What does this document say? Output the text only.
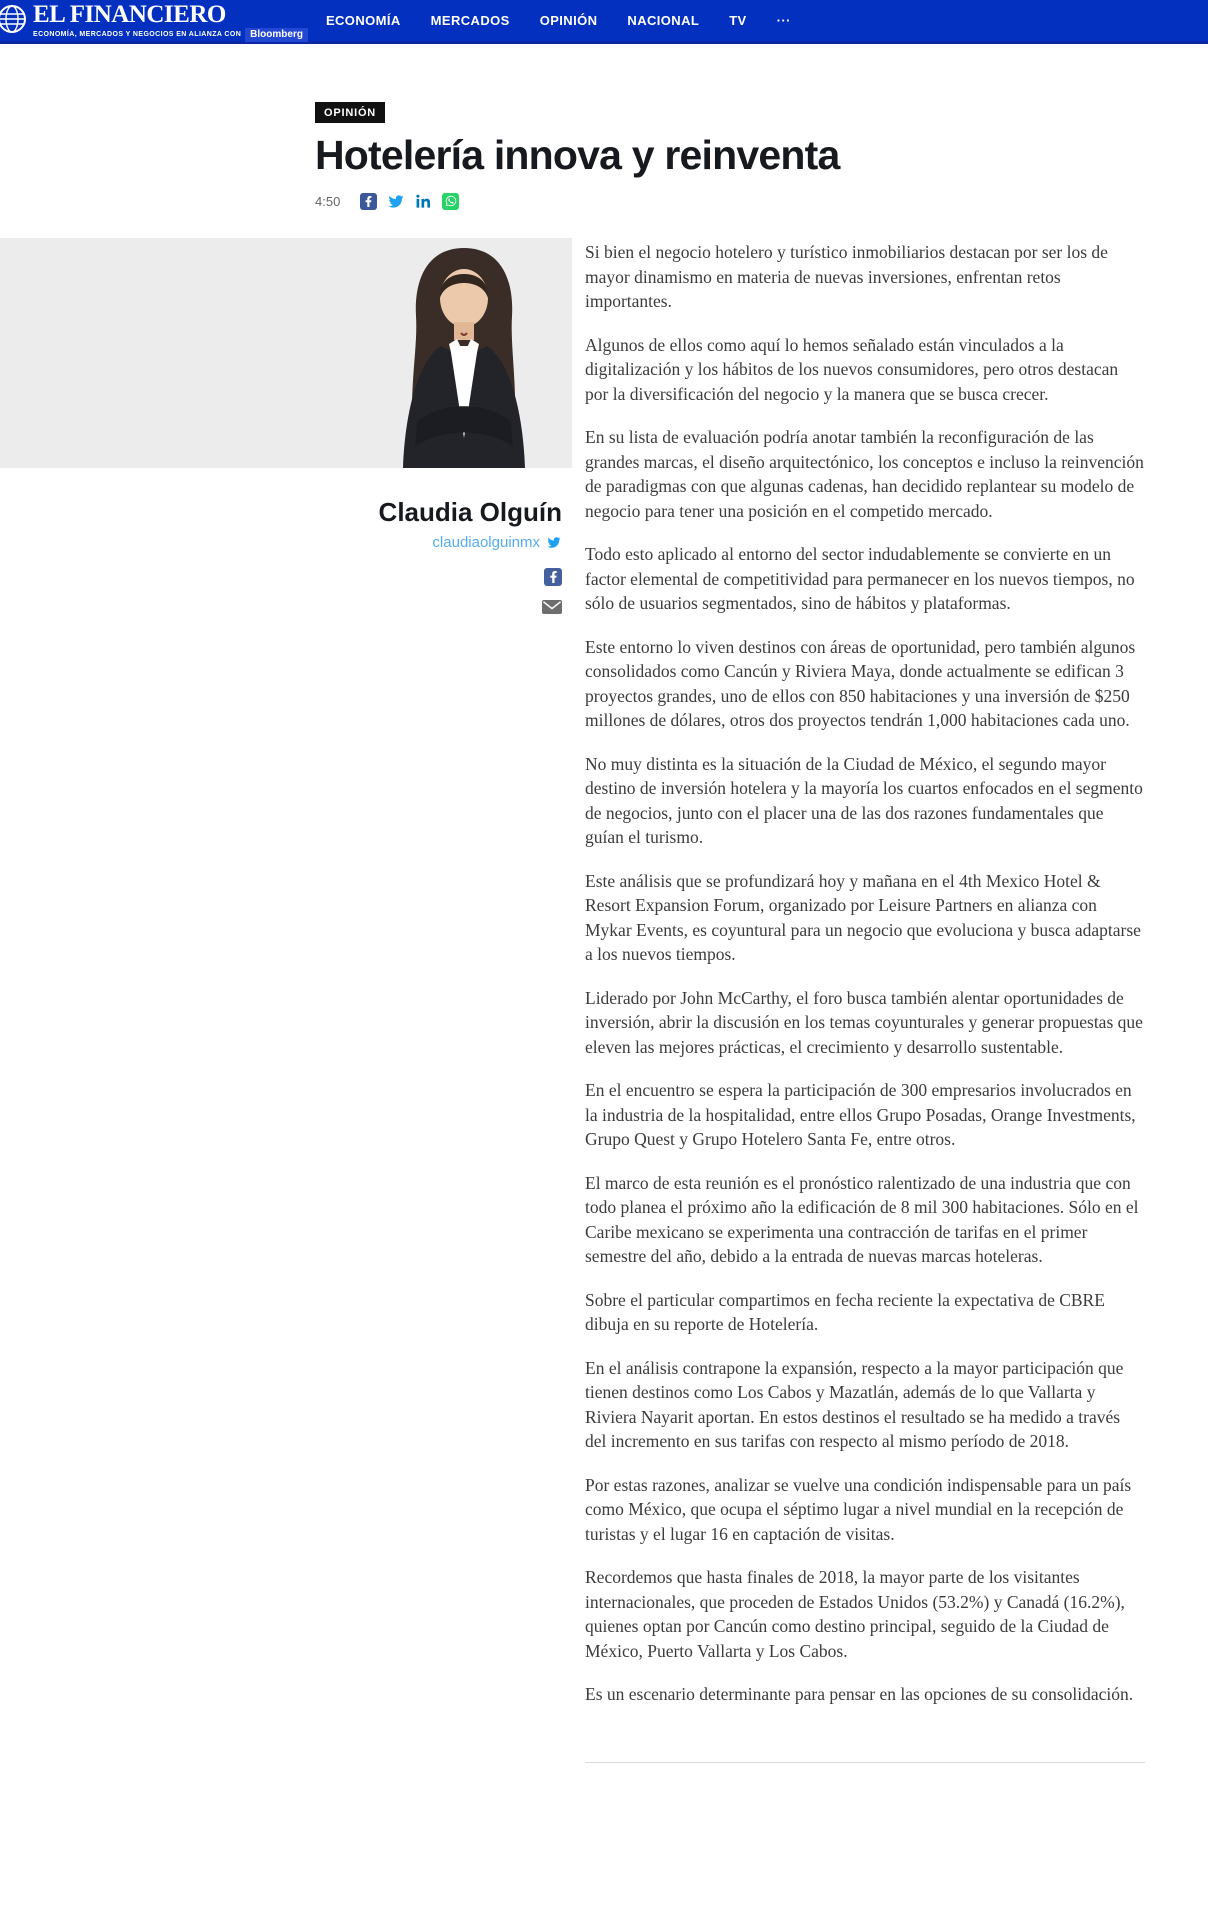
EL FINANCIERO
ECONOMÍA, MERCADOS Y NEGOCIOS EN ALIANZA CON Bloomberg
ECONOMÍA MERCADOS OPINIÓN NACIONAL TV ···
OPINIÓN
Hotelería innova y reinventa
4:50
Claudia Olguín
claudiaolguinmx

Si bien el negocio hotelero y turístico inmobiliarios destacan por ser los de mayor dinamismo en materia de nuevas inversiones, enfrentan retos importantes.

Algunos de ellos como aquí lo hemos señalado están vinculados a la digitalización y los hábitos de los nuevos consumidores, pero otros destacan por la diversificación del negocio y la manera que se busca crecer.

En su lista de evaluación podría anotar también la reconfiguración de las grandes marcas, el diseño arquitectónico, los conceptos e incluso la reinvención de paradigmas con que algunas cadenas, han decidido replantear su modelo de negocio para tener una posición en el competido mercado.

Todo esto aplicado al entorno del sector indudablemente se convierte en un factor elemental de competitividad para permanecer en los nuevos tiempos, no sólo de usuarios segmentados, sino de hábitos y plataformas.

Este entorno lo viven destinos con áreas de oportunidad, pero también algunos consolidados como Cancún y Riviera Maya, donde actualmente se edifican 3 proyectos grandes, uno de ellos con 850 habitaciones y una inversión de $250 millones de dólares, otros dos proyectos tendrán 1,000 habitaciones cada uno.

No muy distinta es la situación de la Ciudad de México, el segundo mayor destino de inversión hotelera y la mayoría los cuartos enfocados en el segmento de negocios, junto con el placer una de las dos razones fundamentales que guían el turismo.

Este análisis que se profundizará hoy y mañana en el 4th Mexico Hotel & Resort Expansion Forum, organizado por Leisure Partners en alianza con Mykar Events, es coyuntural para un negocio que evoluciona y busca adaptarse a los nuevos tiempos.

Liderado por John McCarthy, el foro busca también alentar oportunidades de inversión, abrir la discusión en los temas coyunturales y generar propuestas que eleven las mejores prácticas, el crecimiento y desarrollo sustentable.

En el encuentro se espera la participación de 300 empresarios involucrados en la industria de la hospitalidad, entre ellos Grupo Posadas, Orange Investments, Grupo Quest y Grupo Hotelero Santa Fe, entre otros.

El marco de esta reunión es el pronóstico ralentizado de una industria que con todo planea el próximo año la edificación de 8 mil 300 habitaciones. Sólo en el Caribe mexicano se experimenta una contracción de tarifas en el primer semestre del año, debido a la entrada de nuevas marcas hoteleras.

Sobre el particular compartimos en fecha reciente la expectativa de CBRE dibuja en su reporte de Hotelería.

En el análisis contrapone la expansión, respecto a la mayor participación que tienen destinos como Los Cabos y Mazatlán, además de lo que Vallarta y Riviera Nayarit aportan. En estos destinos el resultado se ha medido a través del incremento en sus tarifas con respecto al mismo período de 2018.

Por estas razones, analizar se vuelve una condición indispensable para un país como México, que ocupa el séptimo lugar a nivel mundial en la recepción de turistas y el lugar 16 en captación de visitas.

Recordemos que hasta finales de 2018, la mayor parte de los visitantes internacionales, que proceden de Estados Unidos (53.2%) y Canadá (16.2%), quienes optan por Cancún como destino principal, seguido de la Ciudad de México, Puerto Vallarta y Los Cabos.

Es un escenario determinante para pensar en las opciones de su consolidación.
